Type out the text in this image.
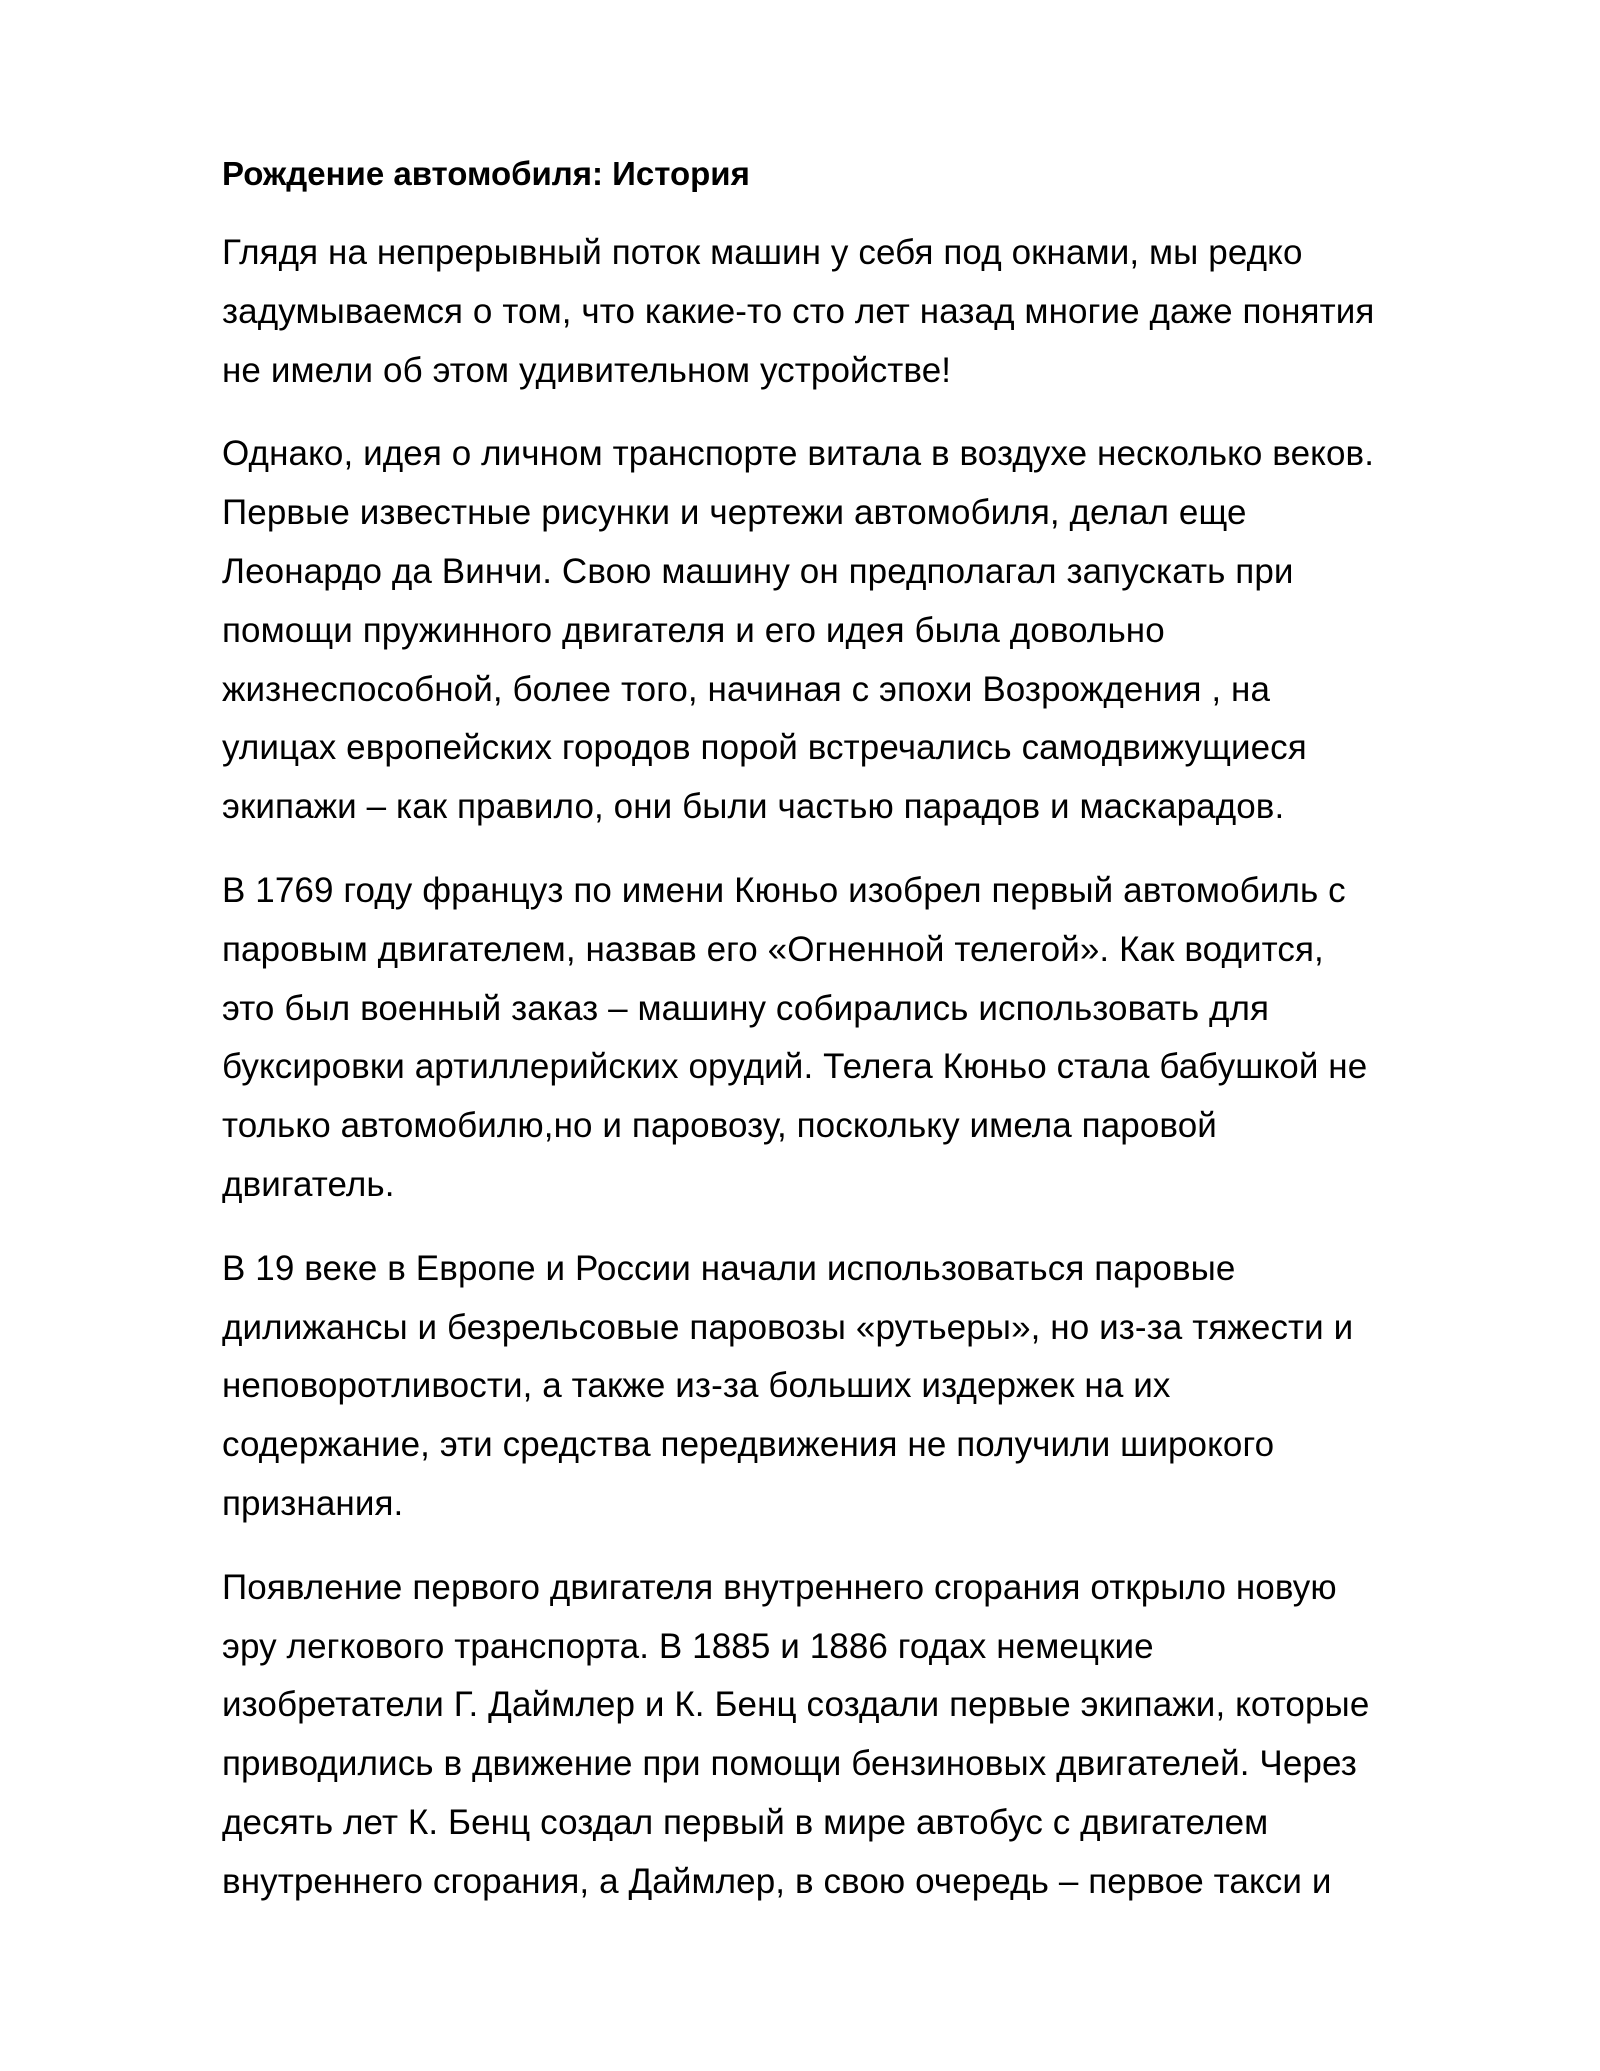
Рождение автомобиля: История
Глядя на непрерывный поток машин у себя под окнами, мы редко
задумываемся о том, что какие-то сто лет назад многие даже понятия
не имели об этом удивительном устройстве!
Однако, идея о личном транспорте витала в воздухе несколько веков.
Первые известные рисунки и чертежи автомобиля, делал еще
Леонардо да Винчи. Свою машину он предполагал запускать при
помощи пружинного двигателя и его идея была довольно
жизнеспособной, более того, начиная с эпохи Возрождения , на
улицах европейских городов порой встречались самодвижущиеся
экипажи – как правило, они были частью парадов и маскарадов.
В 1769 году француз по имени Кюньо изобрел первый автомобиль с
паровым двигателем, назвав его «Огненной телегой». Как водится,
это был военный заказ – машину собирались использовать для
буксировки артиллерийских орудий. Телега Кюньо стала бабушкой не
только автомобилю,но и паровозу, поскольку имела паровой
двигатель.
В 19 веке в Европе и России начали использоваться паровые
дилижансы и безрельсовые паровозы «рутьеры», но из-за тяжести и
неповоротливости, а также из-за больших издержек на их
содержание, эти средства передвижения не получили широкого
признания.
Появление первого двигателя внутреннего сгорания открыло новую
эру легкового транспорта. В 1885 и 1886 годах немецкие
изобретатели Г. Даймлер и К. Бенц создали первые экипажи, которые
приводились в движение при помощи бензиновых двигателей. Через
десять лет К. Бенц создал первый в мире автобус с двигателем
внутреннего сгорания, а Даймлер, в свою очередь – первое такси и
